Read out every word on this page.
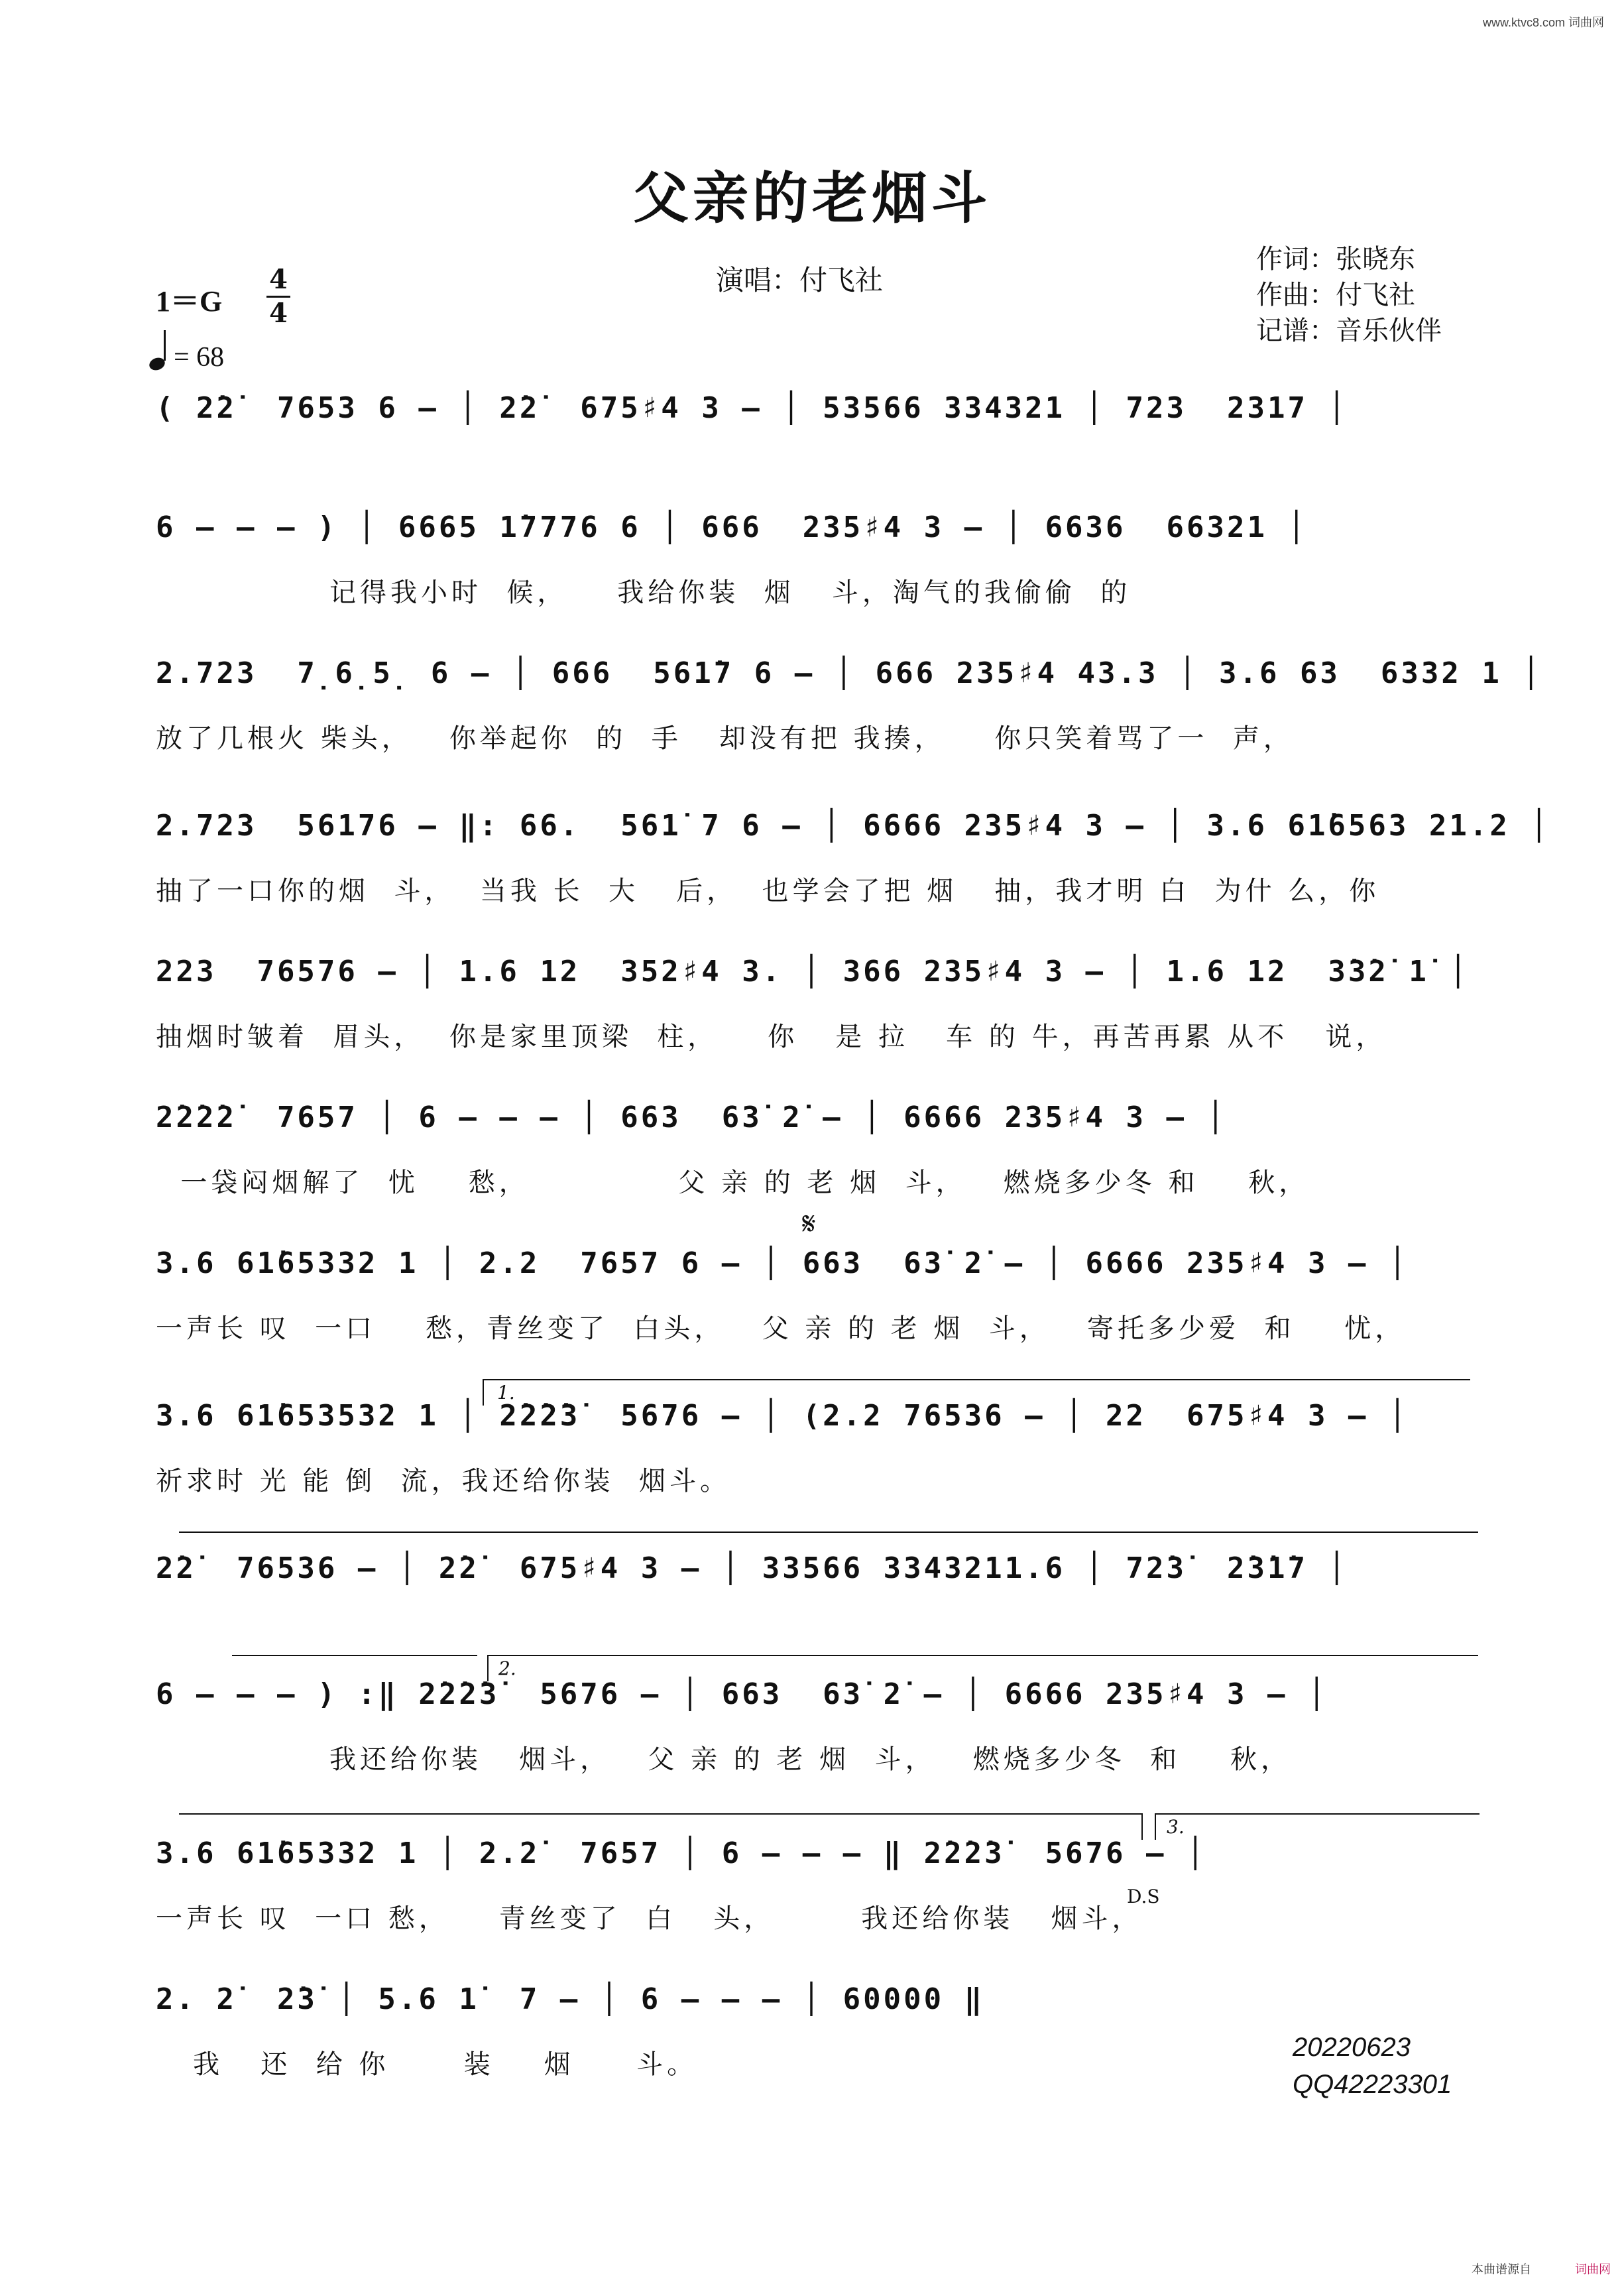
www.ktvc8.com 词曲网
父亲的老烟斗
1＝G
4
4
= 68
演唱：付飞社
作词：张晓东
作曲：付飞社
记谱：音乐伙伴
( 2̇2̇  7653 6 – │ 2̇2̇  675♯4 3 – │ 53566 334321 │ 723  2317 │
6 – – – ) │ 6665 1̇7776 6 │ 666  235♯4 3 – │ 6636  66321 │
记得我小时  候，    我给你装  烟   斗，淘气的我偷偷  的
2.723  7̣6̣5̣ 6 – │ 666  561̇7 6 – │ 666 235♯4 43.3 │ 3.6 63  6332 1 │
放了几根火 柴头，   你举起你  的  手   却没有把 我揍，    你只笑着骂了一  声，
2.723  56176 – ‖: 66.  561̇ 7 6 – │ 6666 235♯4 3 – │ 3.6 61̇6563 21.2 │
抽了一口你的烟  斗，  当我 长  大   后，  也学会了把 烟   抽，我才明 白  为什 么，你
223  76576 – │ 1.6 12  352♯4 3. │ 366 235♯4 3 – │ 1.6 12  3̇3̇2̇ 1̇ │
抽烟时皱着  眉头，  你是家里顶梁  柱，    你   是 拉   车 的 牛，再苦再累 从不   说，
2̇2̇2̇2̇  7657 │ 6 – – – │ 663  63̇ 2̇ – │ 6666 235♯4 3 – │
一袋闷烟解了  忧    愁，            父 亲 的 老 烟  斗，   燃烧多少冬 和    秋，
𝄋
3.6 61̇65332 1 │ 2.2  7657 6 – │ 663  63̇ 2̇ – │ 6666 235♯4 3 – │
一声长 叹  一口    愁，青丝变了  白头，   父 亲 的 老 烟  斗，   寄托多少爱  和    忧，
1.
3.6 61̇653532 1 │ 2̇2̇2̇3̇  5676 – │ (2.2 76536 – │ 22  675♯4 3 – │
祈求时 光 能 倒  流，我还给你装  烟斗。
2̇2̇  76536 – │ 2̇2̇  675♯4 3 – │ 33566 3343211.6 │ 72̇3̇  2̇3̇1̇7 │
2.
6 – – – ) :‖ 2̇2̇2̇3̇  5676 – │ 663  63̇ 2̇ – │ 6666 235♯4 3 – │
我还给你装   烟斗，   父 亲 的 老 烟  斗，   燃烧多少冬  和    秋，
3.
D.S
3.6 61̇65332 1 │ 2.2̇  7657 │ 6 – – – ‖ 2̇2̇2̇3̇  5676 – │
一声长 叹  一口 愁，    青丝变了  白   头，       我还给你装   烟斗，
2. 2̇  2̇3̇ │ 5.6 1̇  7 – │ 6 – – – │ 60000 ‖
我   还  给 你      装    烟     斗。
20220623
QQ42223301
本曲谱源自	词曲网
